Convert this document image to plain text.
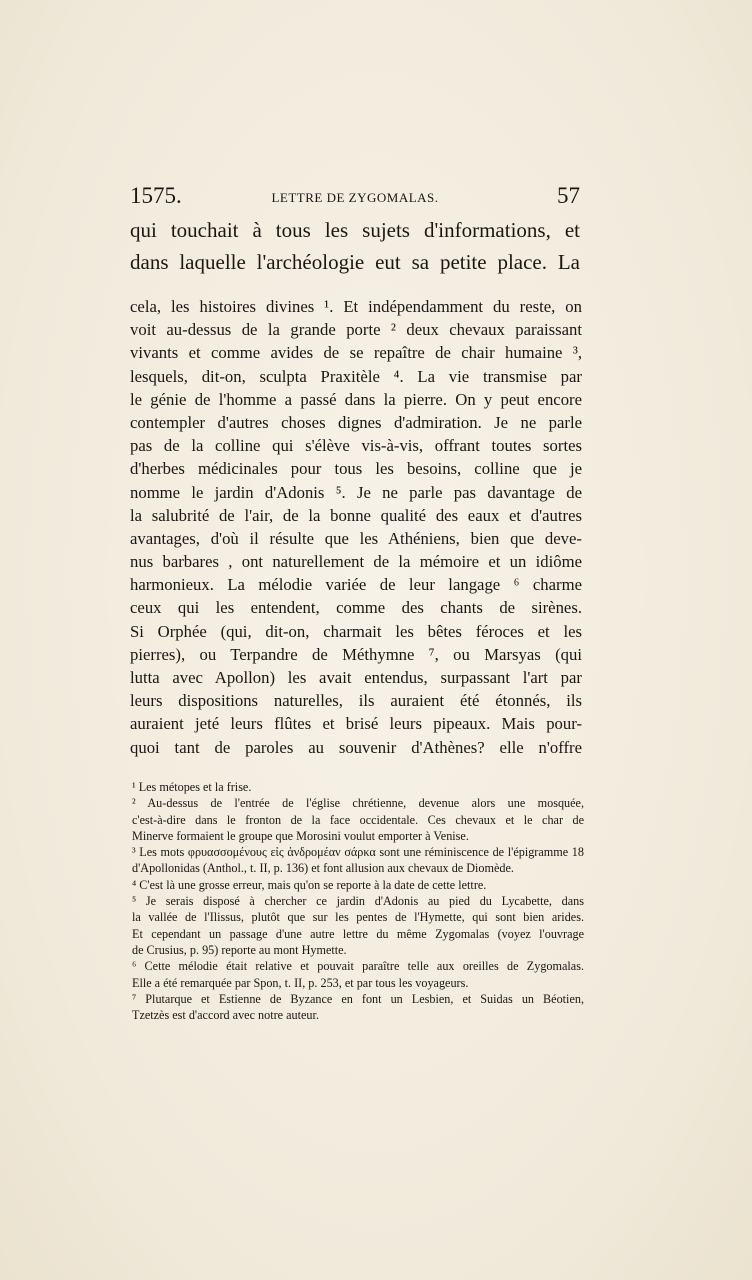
1575.	LETTRE DE ZYGOMALAS.	57
qui touchait à tous les sujets d'informations, et
dans laquelle l'archéologie eut sa petite place. La
cela, les histoires divines ¹. Et indépendamment du reste, on
voit au-dessus de la grande porte ² deux chevaux paraissant
vivants et comme avides de se repaître de chair humaine ³,
lesquels, dit-on, sculpta Praxitèle ⁴. La vie transmise par
le génie de l'homme a passé dans la pierre. On y peut encore
contempler d'autres choses dignes d'admiration. Je ne parle
pas de la colline qui s'élève vis-à-vis, offrant toutes sortes
d'herbes médicinales pour tous les besoins, colline que je
nomme le jardin d'Adonis ⁵. Je ne parle pas davantage de
la salubrité de l'air, de la bonne qualité des eaux et d'autres
avantages, d'où il résulte que les Athéniens, bien que deve-
nus barbares , ont naturellement de la mémoire et un idiôme
harmonieux. La mélodie variée de leur langage ⁶ charme
ceux qui les entendent, comme des chants de sirènes.
Si Orphée (qui, dit-on, charmait les bêtes féroces et les
pierres), ou Terpandre de Méthymne ⁷, ou Marsyas (qui
lutta avec Apollon) les avait entendus, surpassant l'art par
leurs dispositions naturelles, ils auraient été étonnés, ils
auraient jeté leurs flûtes et brisé leurs pipeaux. Mais pour-
quoi tant de paroles au souvenir d'Athènes? elle n'offre
¹ Les métopes et la frise.
² Au-dessus de l'entrée de l'église chrétienne, devenue alors une mosquée,
c'est-à-dire dans le fronton de la face occidentale. Ces chevaux et le char de
Minerve formaient le groupe que Morosini voulut emporter à Venise.
³ Les mots φρυασσομένους εἰς ἀνδρομέαν σάρκα sont une réminiscence de l'épigramme 18
d'Apollonidas (Anthol., t. II, p. 136) et font allusion aux chevaux de Diomède.
⁴ C'est là une grosse erreur, mais qu'on se reporte à la date de cette lettre.
⁵ Je serais disposé à chercher ce jardin d'Adonis au pied du Lycabette, dans
la vallée de l'Ilissus, plutôt que sur les pentes de l'Hymette, qui sont bien arides.
Et cependant un passage d'une autre lettre du même Zygomalas (voyez l'ouvrage
de Crusius, p. 95) reporte au mont Hymette.
⁶ Cette mélodie était relative et pouvait paraître telle aux oreilles de Zygomalas.
Elle a été remarquée par Spon, t. II, p. 253, et par tous les voyageurs.
⁷ Plutarque et Estienne de Byzance en font un Lesbien, et Suidas un Béotien,
Tzetzès est d'accord avec notre auteur.
